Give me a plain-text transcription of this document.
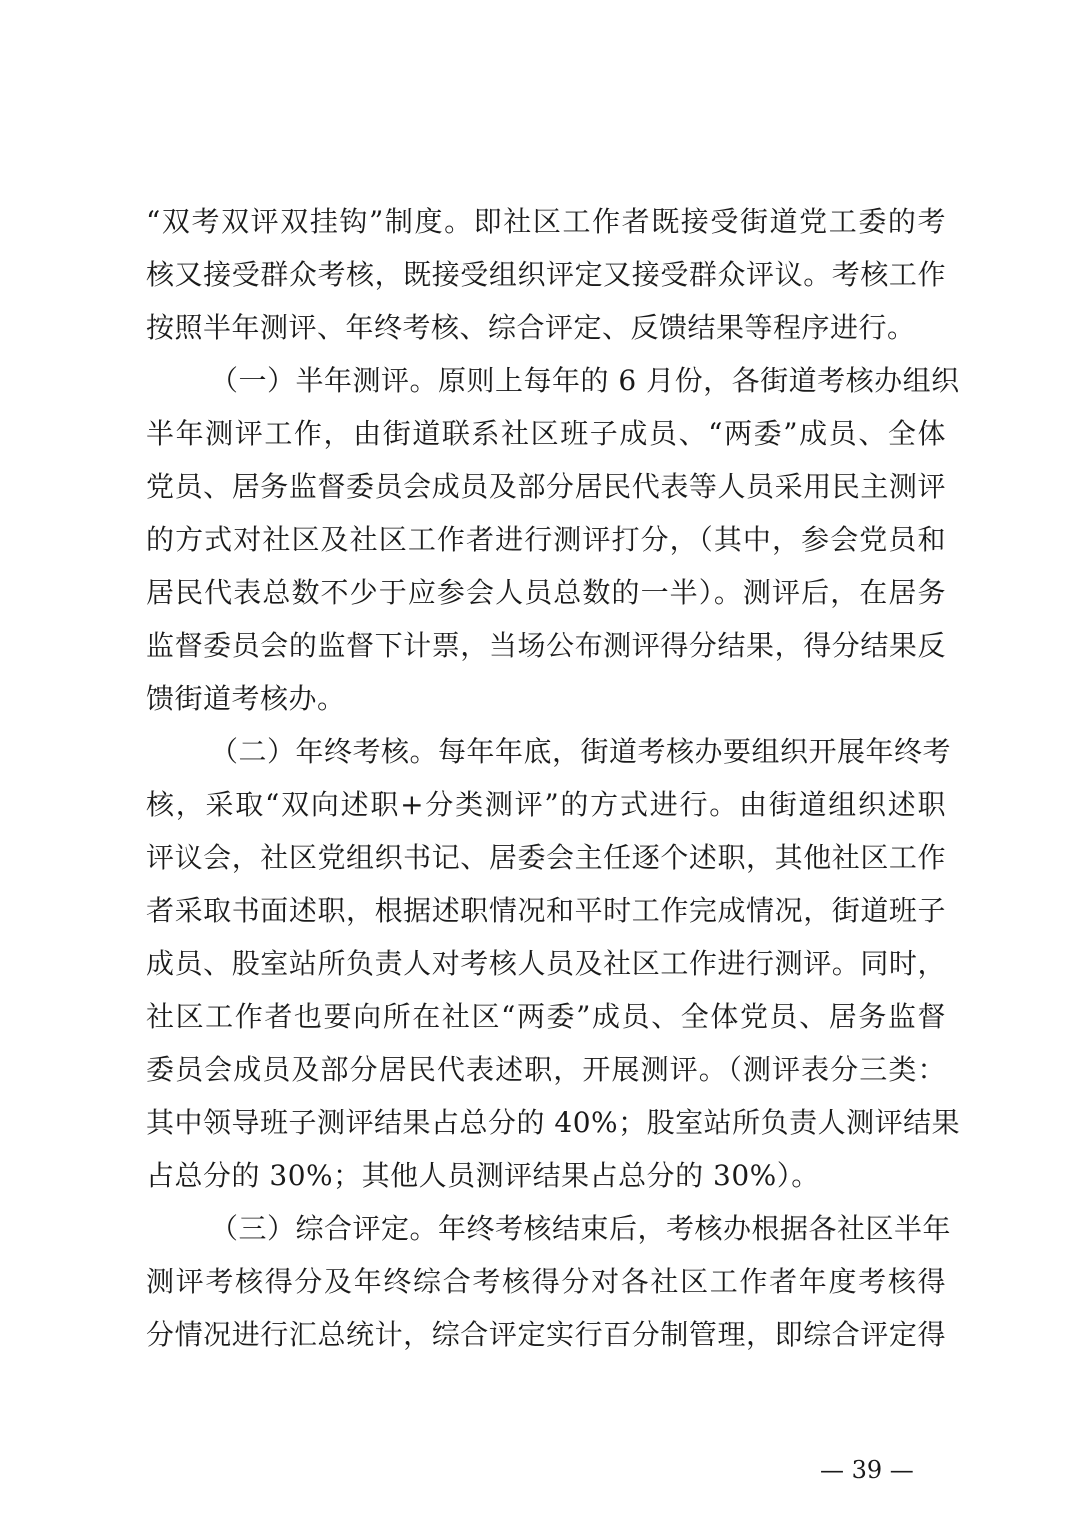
“双考双评双挂钩”制度。即社区工作者既接受街道党工委的考
核又接受群众考核，既接受组织评定又接受群众评议。考核工作
按照半年测评、年终考核、综合评定、反馈结果等程序进行。
（一）半年测评。原则上每年的 6 月份，各街道考核办组织
半年测评工作，由街道联系社区班子成员、“两委”成员、全体
党员、居务监督委员会成员及部分居民代表等人员采用民主测评
的方式对社区及社区工作者进行测评打分，（其中，参会党员和
居民代表总数不少于应参会人员总数的一半）。测评后，在居务
监督委员会的监督下计票，当场公布测评得分结果，得分结果反
馈街道考核办。
（二）年终考核。每年年底，街道考核办要组织开展年终考
核，采取“双向述职+分类测评”的方式进行。由街道组织述职
评议会，社区党组织书记、居委会主任逐个述职，其他社区工作
者采取书面述职，根据述职情况和平时工作完成情况，街道班子
成员、股室站所负责人对考核人员及社区工作进行测评。同时，
社区工作者也要向所在社区“两委”成员、全体党员、居务监督
委员会成员及部分居民代表述职，开展测评。（测评表分三类：
其中领导班子测评结果占总分的 40%；股室站所负责人测评结果
占总分的 30%；其他人员测评结果占总分的 30%）。
（三）综合评定。年终考核结束后，考核办根据各社区半年
测评考核得分及年终综合考核得分对各社区工作者年度考核得
分情况进行汇总统计，综合评定实行百分制管理，即综合评定得
— 39 —
